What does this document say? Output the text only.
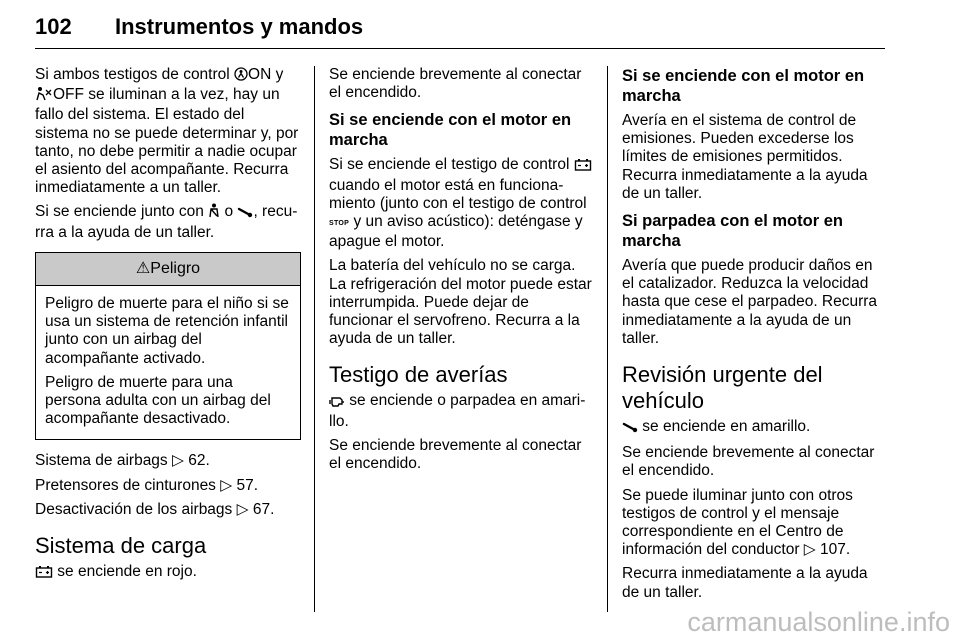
102 Instrumentos y mandos

Si ambos testigos de control ON y OFF se iluminan a la vez, hay un fallo del sistema. El estado del sistema no se puede determinar y, por tanto, no debe permitir a nadie ocupar el asiento del acompañante. Recurra inmediatamente a un taller.

Si se enciende junto con  o , recurra a la ayuda de un taller.

⚠Peligro

Peligro de muerte para el niño si se usa un sistema de retención infantil junto con un airbag del acompañante activado.

Peligro de muerte para una persona adulta con un airbag del acompañante desactivado.

Sistema de airbags ▷ 62.

Pretensores de cinturones ▷ 57.

Desactivación de los airbags ▷ 67.

Sistema de carga

se enciende en rojo.

Se enciende brevemente al conectar el encendido.

Si se enciende con el motor en marcha

Si se enciende el testigo de control  cuando el motor está en funcionamiento (junto con el testigo de control STOP y un aviso acústico): deténgase y apague el motor.

La batería del vehículo no se carga. La refrigeración del motor puede estar interrumpida. Puede dejar de funcionar el servofreno. Recurra a la ayuda de un taller.

Testigo de averías

se enciende o parpadea en amarillo.

Se enciende brevemente al conectar el encendido.

Si se enciende con el motor en marcha

Avería en el sistema de control de emisiones. Pueden excederse los límites de emisiones permitidos. Recurra inmediatamente a la ayuda de un taller.

Si parpadea con el motor en marcha

Avería que puede producir daños en el catalizador. Reduzca la velocidad hasta que cese el parpadeo. Recurra inmediatamente a la ayuda de un taller.

Revisión urgente del vehículo

se enciende en amarillo.

Se enciende brevemente al conectar el encendido.

Se puede iluminar junto con otros testigos de control y el mensaje correspondiente en el Centro de información del conductor ▷ 107.

Recurra inmediatamente a la ayuda de un taller.

carmanualsonline.info
